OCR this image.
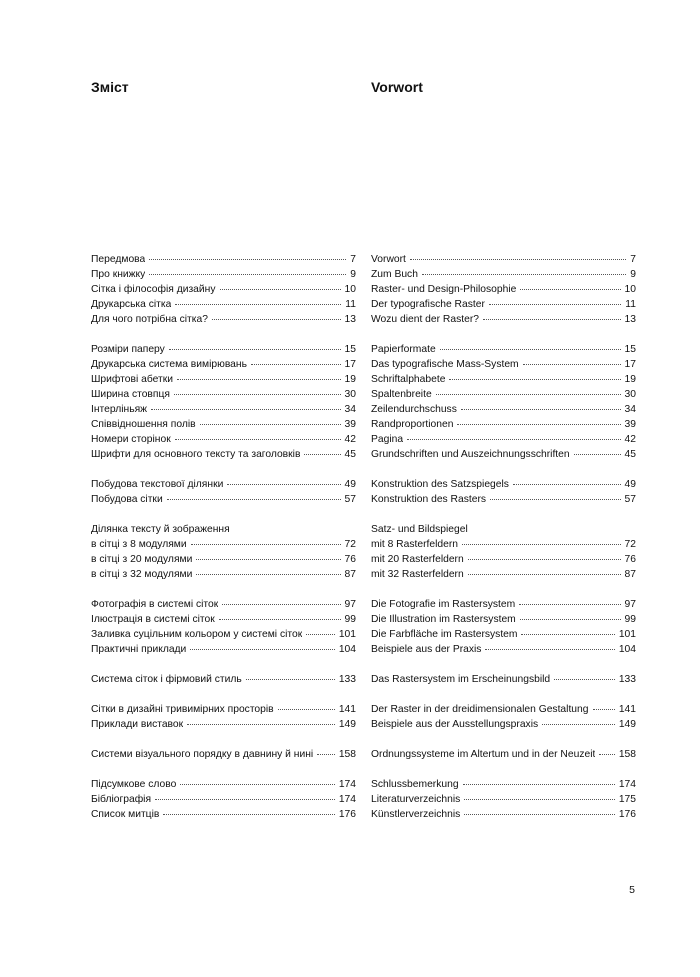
Зміст
Передмова	7
Про книжку	9
Сітка і філософія дизайну	10
Друкарська сітка	11
Для чого потрібна сітка?	13
Розміри паперу	15
Друкарська система вимірювань	17
Шрифтові абетки	19
Ширина стовпця	30
Інтерліньяж	34
Співвідношення полів	39
Номери сторінок	42
Шрифти для основного тексту та заголовків	45
Побудова текстової ділянки	49
Побудова сітки	57
Ділянка тексту й зображення
в сітці з 8 модулями	72
в сітці з 20 модулями	76
в сітці з 32 модулями	87
Фотографія в системі сіток	97
Ілюстрація в системі сіток	99
Заливка суцільним кольором у системі сіток	101
Практичні приклади	104
Система сіток і фірмовий стиль	133
Сітки в дизайні тривимірних просторів	141
Приклади виставок	149
Системи візуального порядку в давнину й нині 158
Підсумкове слово	174
Бібліографія	174
Список митців	176
Vorwort
Vorwort	7
Zum Buch	9
Raster- und Design-Philosophie	10
Der typografische Raster	11
Wozu dient der Raster?	13
Papierformate	15
Das typografische Mass-System	17
Schriftalphabete	19
Spaltenbreite	30
Zeilendurchschuss	34
Randproportionen	39
Pagina	42
Grundschriften und Auszeichnungsschriften	45
Konstruktion des Satzspiegels	49
Konstruktion des Rasters	57
Satz- und Bildspiegel
mit 8 Rasterfeldern	72
mit 20 Rasterfeldern	76
mit 32 Rasterfeldern	87
Die Fotografie im Rastersystem	97
Die Illustration im Rastersystem	99
Die Farbfläche im Rastersystem	101
Beispiele aus der Praxis	104
Das Rastersystem im Erscheinungsbild	133
Der Raster in der dreidimensionalen Gestaltung	141
Beispiele aus der Ausstellungspraxis	149
Ordnungssysteme im Altertum und in der Neuzeit 158
Schlussbemerkung	174
Literaturverzeichnis	175
Künstlerverzeichnis	176
5
